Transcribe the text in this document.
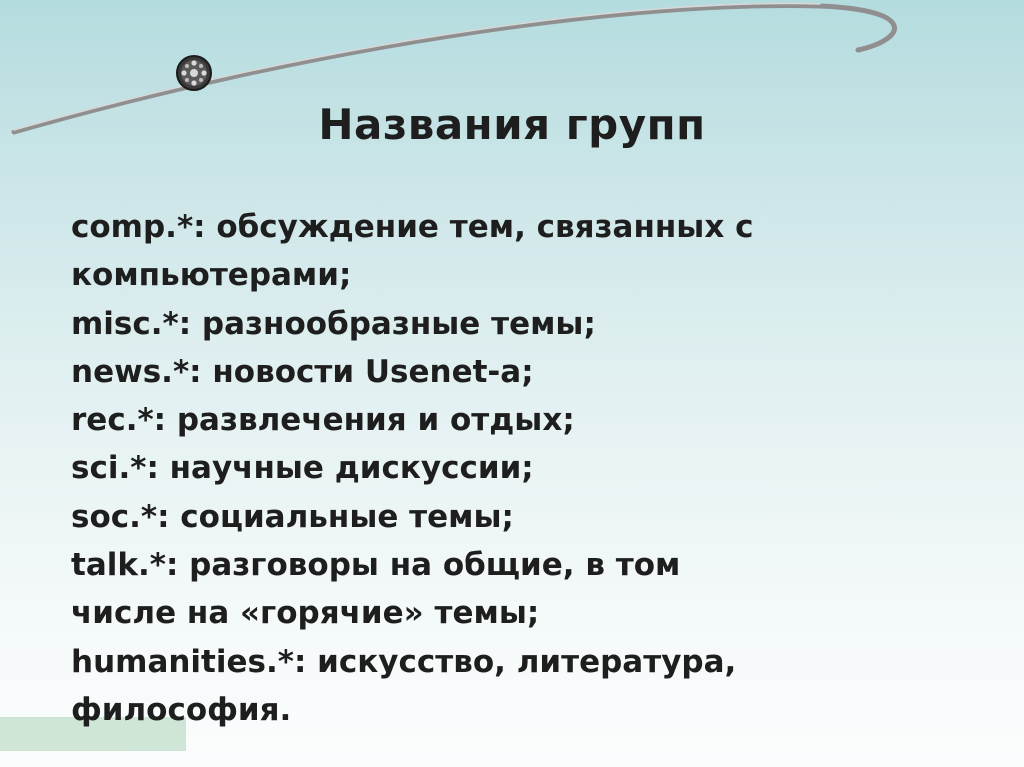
Названия групп
comp.*: обсуждение тем, связанных с
компьютерами;
misc.*: разнообразные темы;
news.*: новости Usenet-a;
rec.*: развлечения и отдых;
sci.*: научные дискуссии;
soc.*: социальные темы;
talk.*: разговоры на общие, в том
числе на «горячие» темы;
humanities.*: искусство, литература,
философия.
